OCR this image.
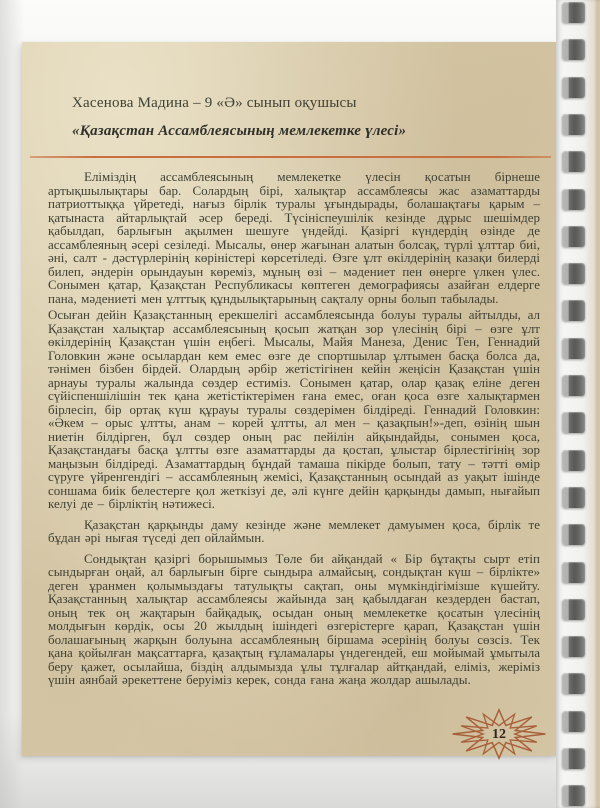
Хасенова Мадина – 9 «Ә» сынып оқушысы
«Қазақстан Ассамблеясының мемлекетке үлесі»

Еліміздің ассамблеясының мемлекетке үлесін қосатын бірнеше артықшылықтары бар. Солардың бірі, халықтар ассамблеясы жас азаматтарды патриоттыққа үйретеді, нағыз бірлік туралы ұғындырады, болашақтағы қарым – қатынаста айтарлықтай әсер береді. Түсініспеушілік кезінде дұрыс шешімдер қабылдап, барлығын ақылмен шешуге үндейді. Қазіргі күндердің өзінде де ассамблеяның әсері сезіледі. Мысалы, өнер жағынан алатын болсақ, түрлі ұлттар биі, әні, салт - дәстүрлерінің көріністері көрсетіледі. Өзге ұлт өкілдерінің казақи билерді билеп, әндерін орындауын көреміз, мұның өзі – мәдениет пен өнерге үлкен үлес. Сонымен қатар, Қазақстан Республикасы көптеген демографиясы азайған елдерге пана, мәдениеті мен ұлттық құндылықтарының сақталу орны болып табылады.

Осыған дейін Қазақстанның ерекшелігі ассамблеясында болуы туралы айтылды, ал Қазақстан халықтар ассамблеясының қосып жатқан зор үлесінің бірі – өзге ұлт өкілдерінің Қазақстан үшін еңбегі. Мысалы, Майя Манеза, Денис Тен, Геннадий Головкин және осылардан кем емес өзге де спортшылар ұлтымен басқа болса да, тәнімен бізбен бірдей. Олардың әрбір жетістігінен кейін жеңісін Қазақстан үшін арнауы туралы жалында сөздер естиміз. Сонымен қатар, олар қазақ еліне деген сүйіспеншілішін тек қана жетістіктерімен ғана емес, оған қоса өзге халықтармен бірлесіп, бір ортақ күш құрауы туралы сөздерімен білдіреді. Геннадий Головкин: «Әкем – орыс ұлтты, анам – корей ұлтты, ал мен – қазақпын!»-деп, өзінің шын ниетін білдірген, бұл сөздер оның рас пейілін айқындайды, сонымен қоса, Қазақстандағы басқа ұлтты өзге азаматтарды да қостап, ұлыстар бірлестігінің зор маңызын білдіреді. Азаматтардың бұндай тамаша пікірде болып, тату – тәтті өмір сүруге үйренгендігі – ассамблеяның жемісі, Қазақстанның осындай аз уақыт ішінде соншама биік белестерге қол жеткізуі де, әлі күнге дейін қарқынды дамып, нығайып келуі де – бірліктің нәтижесі.

Қазақстан қарқынды даму кезінде және мемлекет дамуымен қоса, бірлік те бұдан әрі нығая түседі деп ойлаймын.

Сондықтан қазіргі борышымыз Төле би айқандай « Бір бұтақты сырт етіп сындырған оңай, ал барлығын бірге сындыра алмайсың, сондықтан күш – бірлікте» деген ұранмен қолымыздағы татулықты сақтап, оны мүмкіндігімізше күшейту. Қазақстанның халықтар ассамблеясы жайында заң қабылдаған кездерден бастап, оның тек оң жақтарын байқадық, осыдан оның мемлекетке қосатын үлесінің молдығын көрдік, осы 20 жылдың ішіндегі өзгерістерге қарап, Қазақстан үшін болашағының жарқын болуына ассамблеяның біршама әсерінің болуы сөзсіз. Тек қана қойылған мақсаттарға, қазақтың ғұламалары үндегендей, еш мойымай ұмытыла беру қажет, осылайша, біздің алдымызда ұлы тұлғалар айтқандай, еліміз, жеріміз үшін аянбай әрекеттене беруіміз керек, сонда ғана жаңа жолдар ашылады.

12
